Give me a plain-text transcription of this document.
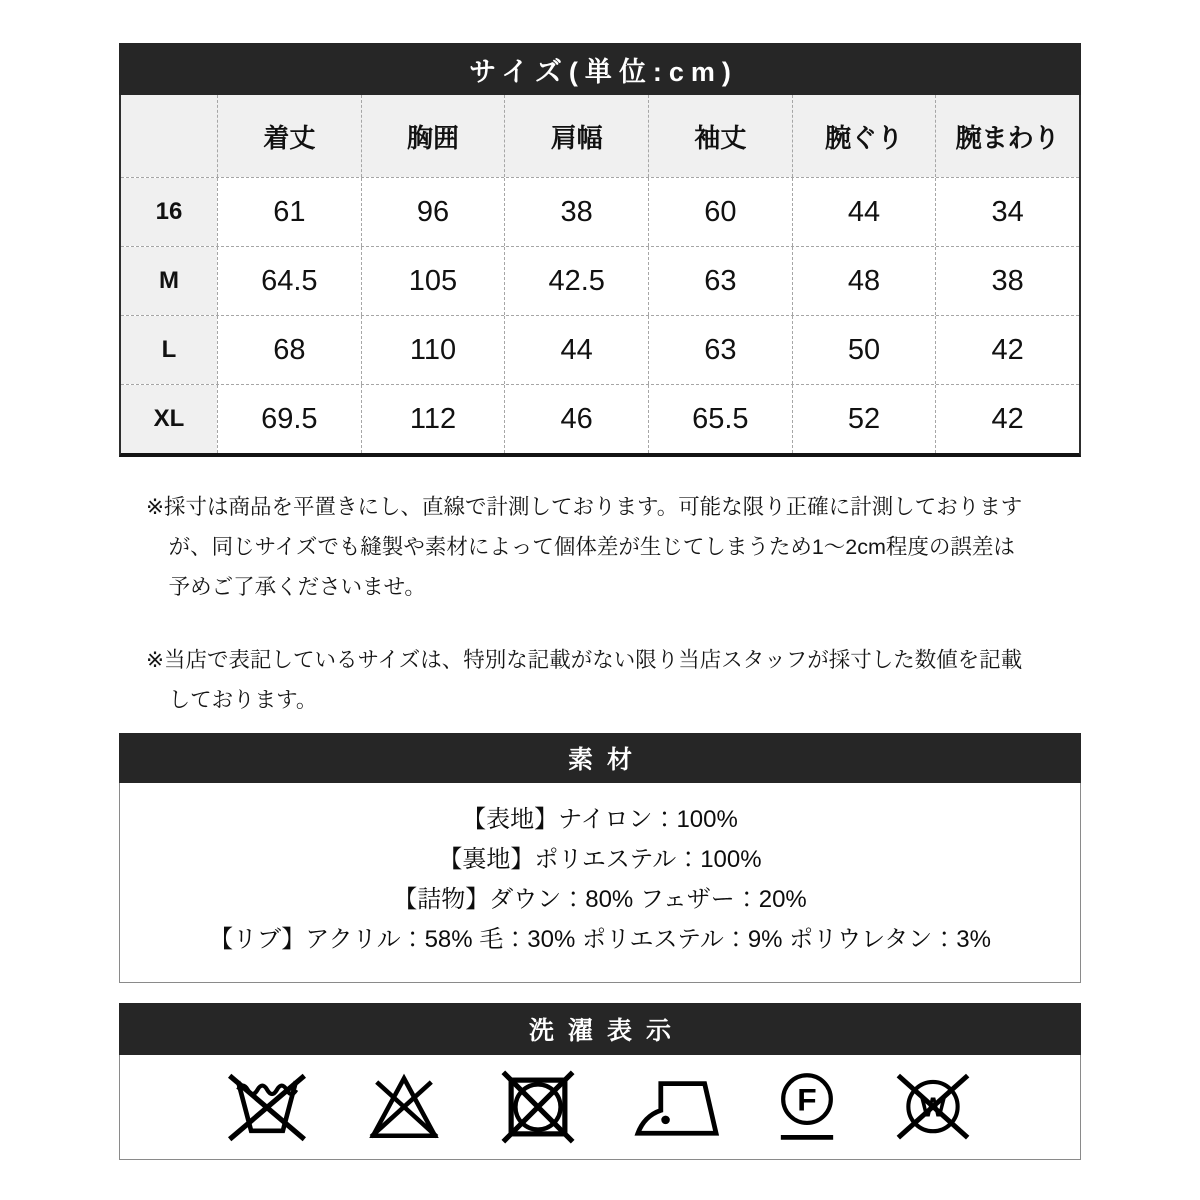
サイズ(単位:cm)
着丈	胸囲	肩幅	袖丈	腕ぐり	腕まわり
16	61	96	38	60	44	34
M	64.5	105	42.5	63	48	38
L	68	110	44	63	50	42
XL	69.5	112	46	65.5	52	42
※採寸は商品を平置きにし、直線で計測しております。可能な限り正確に計測しておりますが、同じサイズでも縫製や素材によって個体差が生じてしまうため1〜2cm程度の誤差は予めご了承くださいませ。
※当店で表記しているサイズは、特別な記載がない限り当店スタッフが採寸した数値を記載しております。
素材
【表地】ナイロン：100%
【裏地】ポリエステル：100%
【詰物】ダウン：80% フェザー：20%
【リブ】アクリル：58% 毛：30% ポリエステル：9% ポリウレタン：3%
洗濯表示
F	W
